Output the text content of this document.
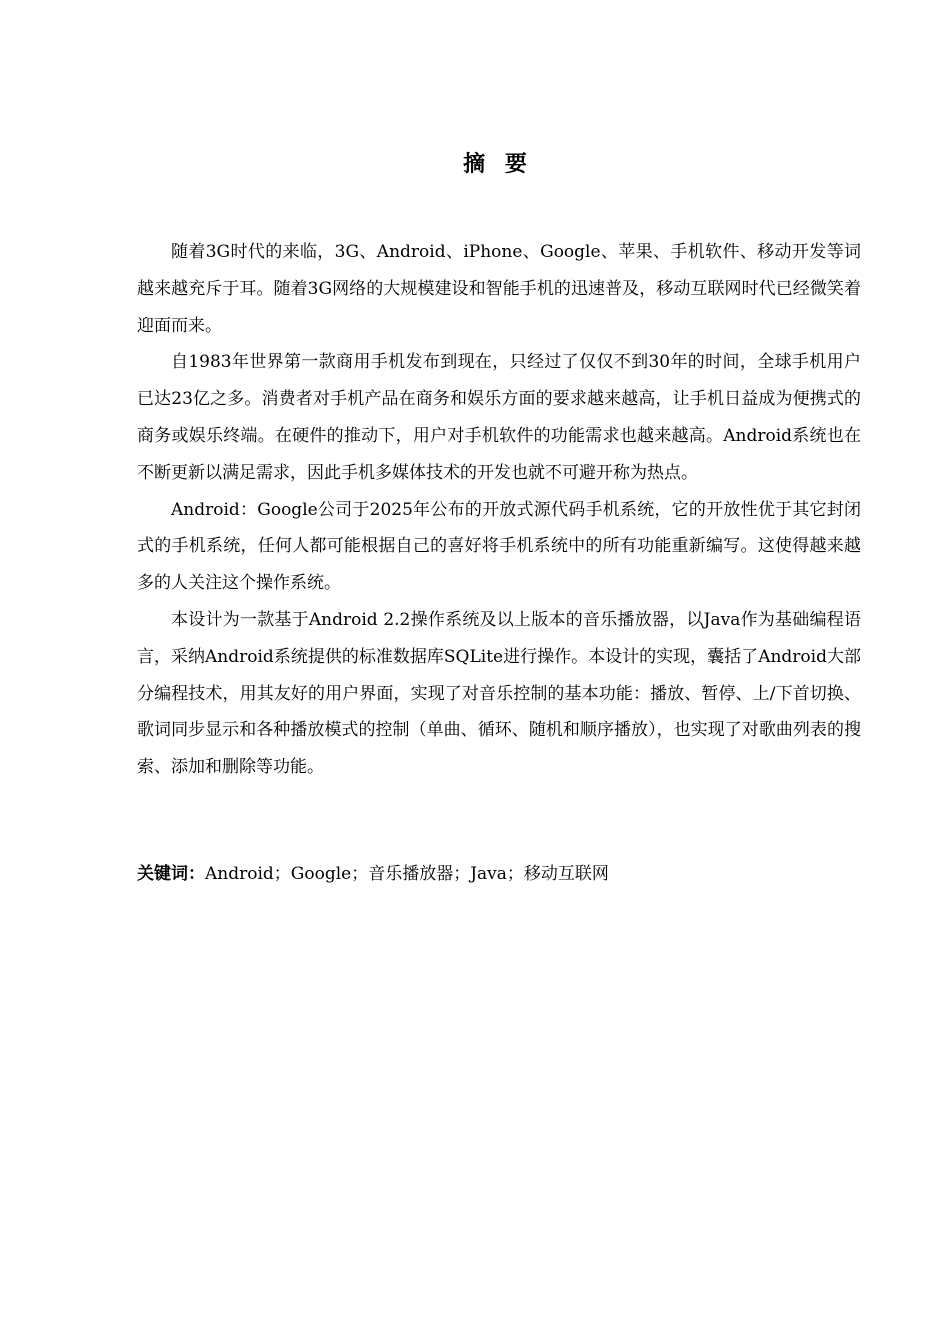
摘 要

随着3G时代的来临，3G、Android、iPhone、Google、苹果、手机软件、移动开发等词越来越充斥于耳。随着3G网络的大规模建设和智能手机的迅速普及，移动互联网时代已经微笑着迎面而来。

自1983年世界第一款商用手机发布到现在，只经过了仅仅不到30年的时间，全球手机用户已达23亿之多。消费者对手机产品在商务和娱乐方面的要求越来越高，让手机日益成为便携式的商务或娱乐终端。在硬件的推动下，用户对手机软件的功能需求也越来越高。Android系统也在不断更新以满足需求，因此手机多媒体技术的开发也就不可避开称为热点。

Android：Google公司于2025年公布的开放式源代码手机系统，它的开放性优于其它封闭式的手机系统，任何人都可能根据自己的喜好将手机系统中的所有功能重新编写。这使得越来越多的人关注这个操作系统。

本设计为一款基于Android 2.2操作系统及以上版本的音乐播放器，以Java作为基础编程语言，采纳Android系统提供的标准数据库SQLite进行操作。本设计的实现，囊括了Android大部分编程技术，用其友好的用户界面，实现了对音乐控制的基本功能：播放、暂停、上/下首切换、歌词同步显示和各种播放模式的控制（单曲、循环、随机和顺序播放），也实现了对歌曲列表的搜索、添加和删除等功能。

关键词：Android；Google；音乐播放器；Java；移动互联网
